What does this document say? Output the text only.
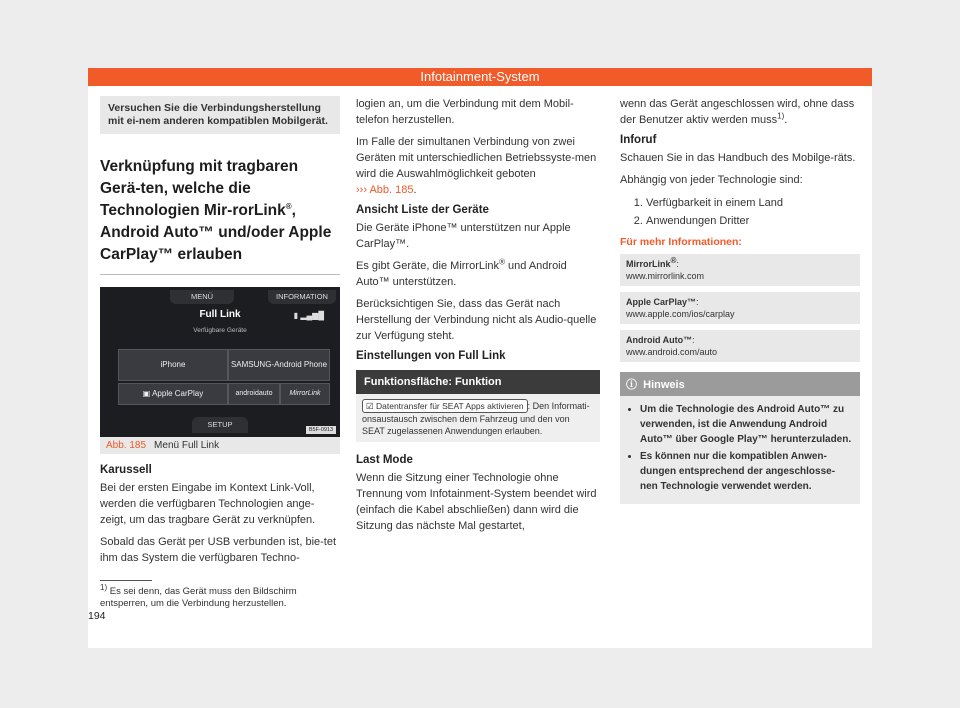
Infotainment-System
Versuchen Sie die Verbindungsherstellung mit ei-nem anderen kompatiblen Mobilgerät.
Verknüpfung mit tragbaren Gerä-ten, welche die Technologien Mir-rorLink®, Android Auto™ und/oder Apple CarPlay™ erlauben
MENÜ	INFORMATION
Full Link	▮ ▂▄▆█
Verfügbare Geräte
iPhone	SAMSUNG-Android Phone
▣ Apple CarPlay	androidauto	MirrorLink
SETUP
B5F-0913
Abb. 185 Menü Full Link
Karussell

Bei der ersten Eingabe im Kontext Link-Voll, werden die verfügbaren Technologien ange-zeigt, um das tragbare Gerät zu verknüpfen.

Sobald das Gerät per USB verbunden ist, bie-tet ihm das System die verfügbaren Techno-

logien an, um die Verbindung mit dem Mobil-telefon herzustellen.

Im Falle der simultanen Verbindung von zwei Geräten mit unterschiedlichen Betriebssyste-men wird die Auswahlmöglichkeit geboten
››› Abb. 185.

Ansicht Liste der Geräte

Die Geräte iPhone™ unterstützen nur Apple CarPlay™.

Es gibt Geräte, die MirrorLink® und Android Auto™ unterstützen.

Berücksichtigen Sie, dass das Gerät nach Herstellung der Verbindung nicht als Audio-quelle zur Verfügung steht.

Einstellungen von Full Link
Funktionsfläche: Funktion
☑ Datentransfer für SEAT Apps aktivieren : Den Informati-onsaustausch zwischen dem Fahrzeug und den von SEAT zugelassenen Anwendungen erlauben.
Last Mode

Wenn die Sitzung einer Technologie ohne Trennung vom Infotainment-System beendet wird (einfach die Kabel abschließen) dann wird die Sitzung das nächste Mal gestartet,

wenn das Gerät angeschlossen wird, ohne dass der Benutzer aktiv werden muss$^{1)}$.

Inforuf

Schauen Sie in das Handbuch des Mobilge-räts.

Abhängig von jeder Technologie sind:

1. Verfügbarkeit in einem Land
2. Anwendungen Dritter
Für mehr Informationen:
MirrorLink®:
www.mirrorlink.com
Apple CarPlay™:
www.apple.com/ios/carplay
Android Auto™:
www.android.com/auto
ⓘ  Hinweis
• Um die Technologie des Android Auto™ zu verwenden, ist die Anwendung Android Auto™ über Google Play™ herunterzuladen.
• Es können nur die kompatiblen Anwen-dungen entsprechend der angeschlosse-nen Technologie verwendet werden.
$^{1)}$ Es sei denn, das Gerät muss den Bildschirm entsperren, um die Verbindung herzustellen.
194
